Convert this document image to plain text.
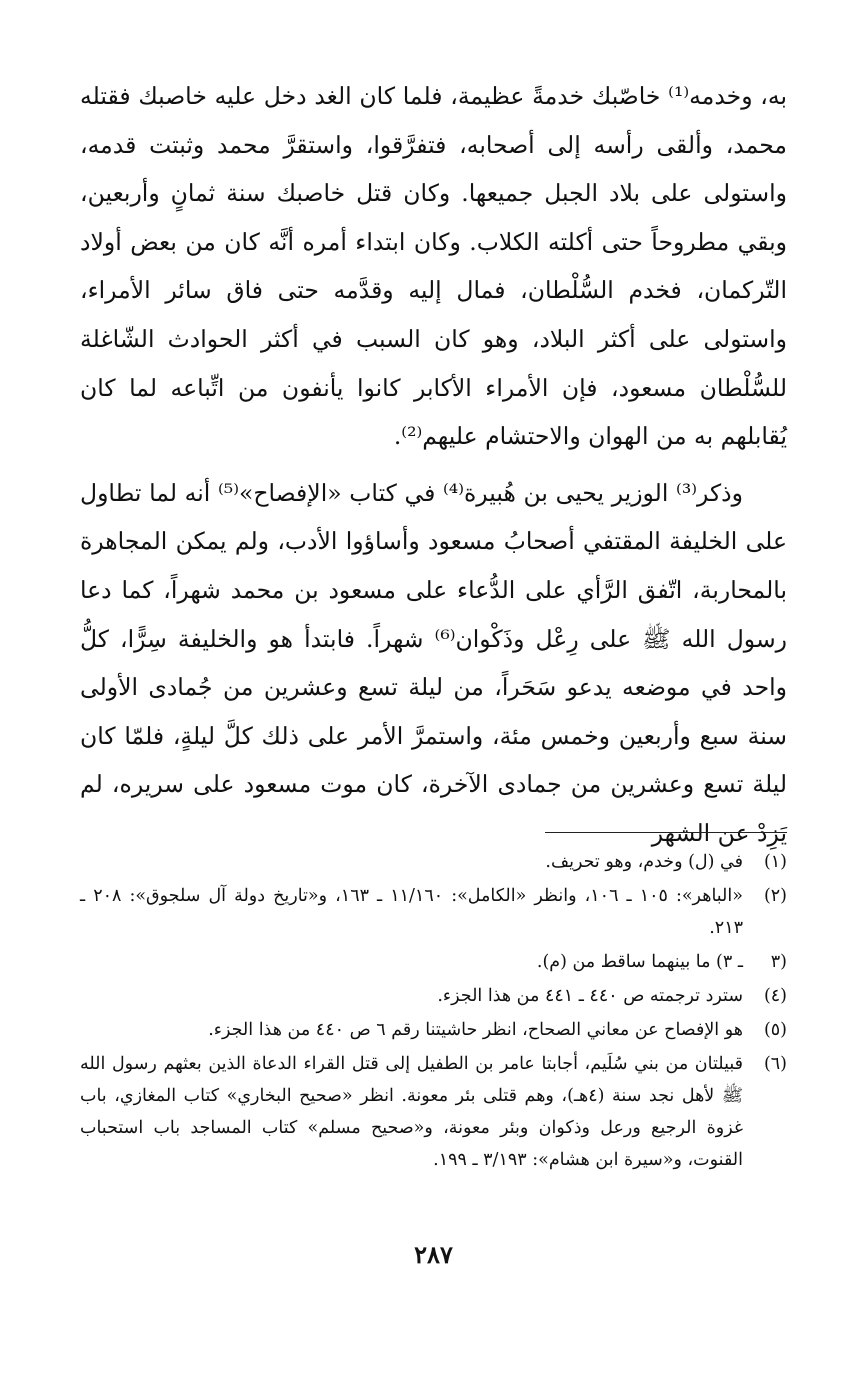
به، وخدمه⁽¹⁾ خاصّبك خدمةً عظيمة، فلما كان الغد دخل عليه خاصبك فقتله محمد، وألقى رأسه إلى أصحابه، فتفرَّقوا، واستقرَّ محمد وثبتت قدمه، واستولى على بلاد الجبل جميعها. وكان قتل خاصبك سنة ثمانٍ وأربعين، وبقي مطروحاً حتى أكلته الكلاب. وكان ابتداء أمره أنَّه كان من بعض أولاد التّركمان، فخدم السُّلْطان، فمال إليه وقدَّمه حتى فاق سائر الأمراء، واستولى على أكثر البلاد، وهو كان السبب في أكثر الحوادث الشّاغلة للسُّلْطان مسعود، فإن الأمراء الأكابر كانوا يأنفون من اتِّباعه لما كان يُقابلهم به من الهوان والاحتشام عليهم⁽²⁾.

وذكر⁽³⁾ الوزير يحيى بن هُبيرة⁽⁴⁾ في كتاب «الإفصاح»⁽⁵⁾ أنه لما تطاول على الخليفة المقتفي أصحابُ مسعود وأساؤوا الأدب، ولم يمكن المجاهرة بالمحاربة، اتّفق الرَّأي على الدُّعاء على مسعود بن محمد شهراً، كما دعا رسول الله ﷺ على رِعْل وذَكْوان⁽⁶⁾ شهراً. فابتدأ هو والخليفة سِرًّا، كلُّ واحد في موضعه يدعو سَحَراً، من ليلة تسع وعشرين من جُمادى الأولى سنة سبع وأربعين وخمس مئة، واستمرَّ الأمر على ذلك كلَّ ليلةٍ، فلمّا كان ليلة تسع وعشرين من جمادى الآخرة، كان موت مسعود على سريره، لم يَزِدْ عن الشهر

(١)
في (ل) وخدم، وهو تحريف.
(٢)
«الباهر»: ١٠٥ ـ ١٠٦، وانظر «الكامل»: ١١/١٦٠ ـ ١٦٣، و«تاريخ دولة آل سلجوق»: ٢٠٨ ـ ٢١٣.
(٣
ـ ٣) ما بينهما ساقط من (م).
(٤)
سترد ترجمته ص ٤٤٠ ـ ٤٤١ من هذا الجزء.
(٥)
هو الإفصاح عن معاني الصحاح، انظر حاشيتنا رقم ٦ ص ٤٤٠ من هذا الجزء.
(٦)
قبيلتان من بني سُلَيم، أجابتا عامر بن الطفيل إلى قتل القراء الدعاة الذين بعثهم رسول الله ﷺ لأهل نجد سنة (٤هـ)، وهم قتلى بئر معونة. انظر «صحيح البخاري» كتاب المغازي، باب غزوة الرجيع ورعل وذكوان وبئر معونة، و«صحيح مسلم» كتاب المساجد باب استحباب القنوت، و«سيرة ابن هشام»: ٣/١٩٣ ـ ١٩٩.
٢٨٧
